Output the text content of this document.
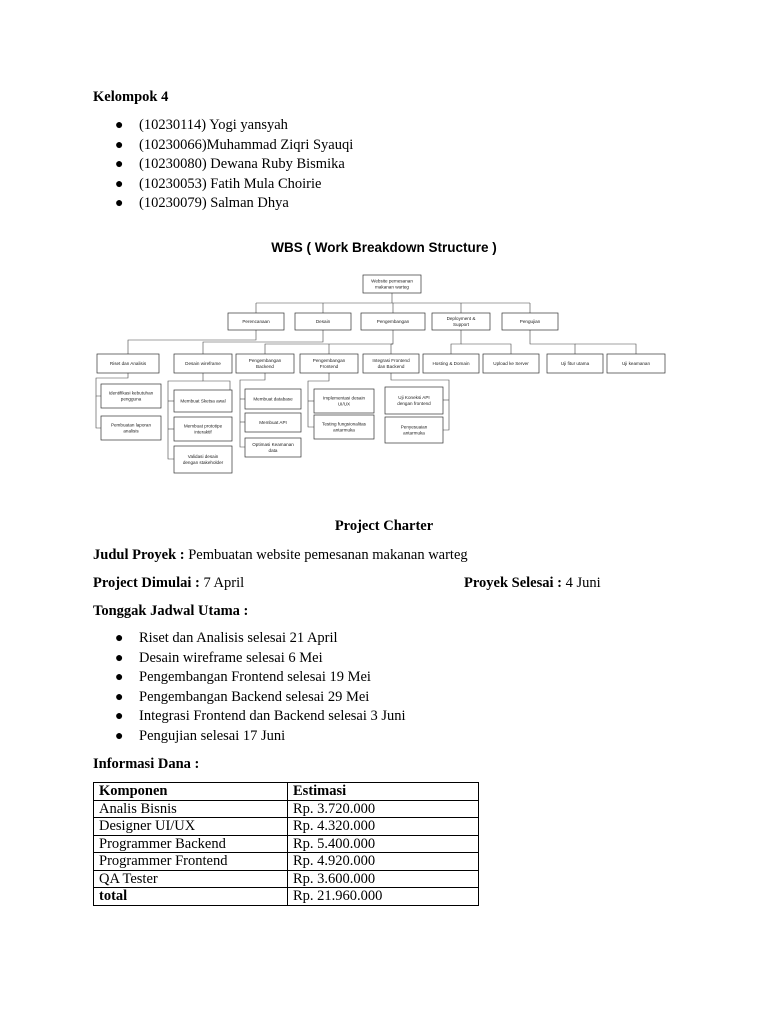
Kelompok 4
● (10230114) Yogi yansyah
● (10230066)Muhammad Ziqri Syauqi
● (10230080) Dewana Ruby Bismika
● (10230053) Fatih Mula Choirie
● (10230079) Salman Dhya
WBS ( Work Breakdown Structure )
Website pemesanan
makanan warteg
Perencanaan	Desain	Pengembangan
Deployment &
Support
Pengujian
Riset dan Analisis	Desain wireframe
Pengembangan
Backend
Pengembangan
Frontend
Integrasi Frontend
dan Backend
Hosting & Domain	Upload ke Server	Uji fitur utama	Uji keamanan
Identifikasi kebutuhan
pengguna
Pembuatan laporan
analisis
Membuat Sketsa awal
Membuat prototipe
interaktif
Validasi desain
dengan stakeholder
Membuat database
Membuat API
Optimasi Keamanan
data
Implementasi desain
UI/UX
Testing fungsionalitas
antarmuka
Uji Koneksi API
dengan frontend
Penyesuaian
antarmuka
Project Charter
Judul Proyek : Pembuatan website pemesanan makanan warteg
Project Dimulai : 7 April	Proyek Selesai : 4 Juni
Tonggak Jadwal Utama :
● Riset dan Analisis selesai 21 April
● Desain wireframe selesai 6 Mei
● Pengembangan Frontend selesai 19 Mei
● Pengembangan Backend selesai 29 Mei
● Integrasi Frontend dan Backend selesai 3 Juni
● Pengujian selesai 17 Juni
Informasi Dana :
Komponen	Estimasi
Analis Bisnis	Rp. 3.720.000
Designer UI/UX	Rp. 4.320.000
Programmer Backend	Rp. 5.400.000
Programmer Frontend	Rp. 4.920.000
QA Tester	Rp. 3.600.000
total	Rp. 21.960.000
